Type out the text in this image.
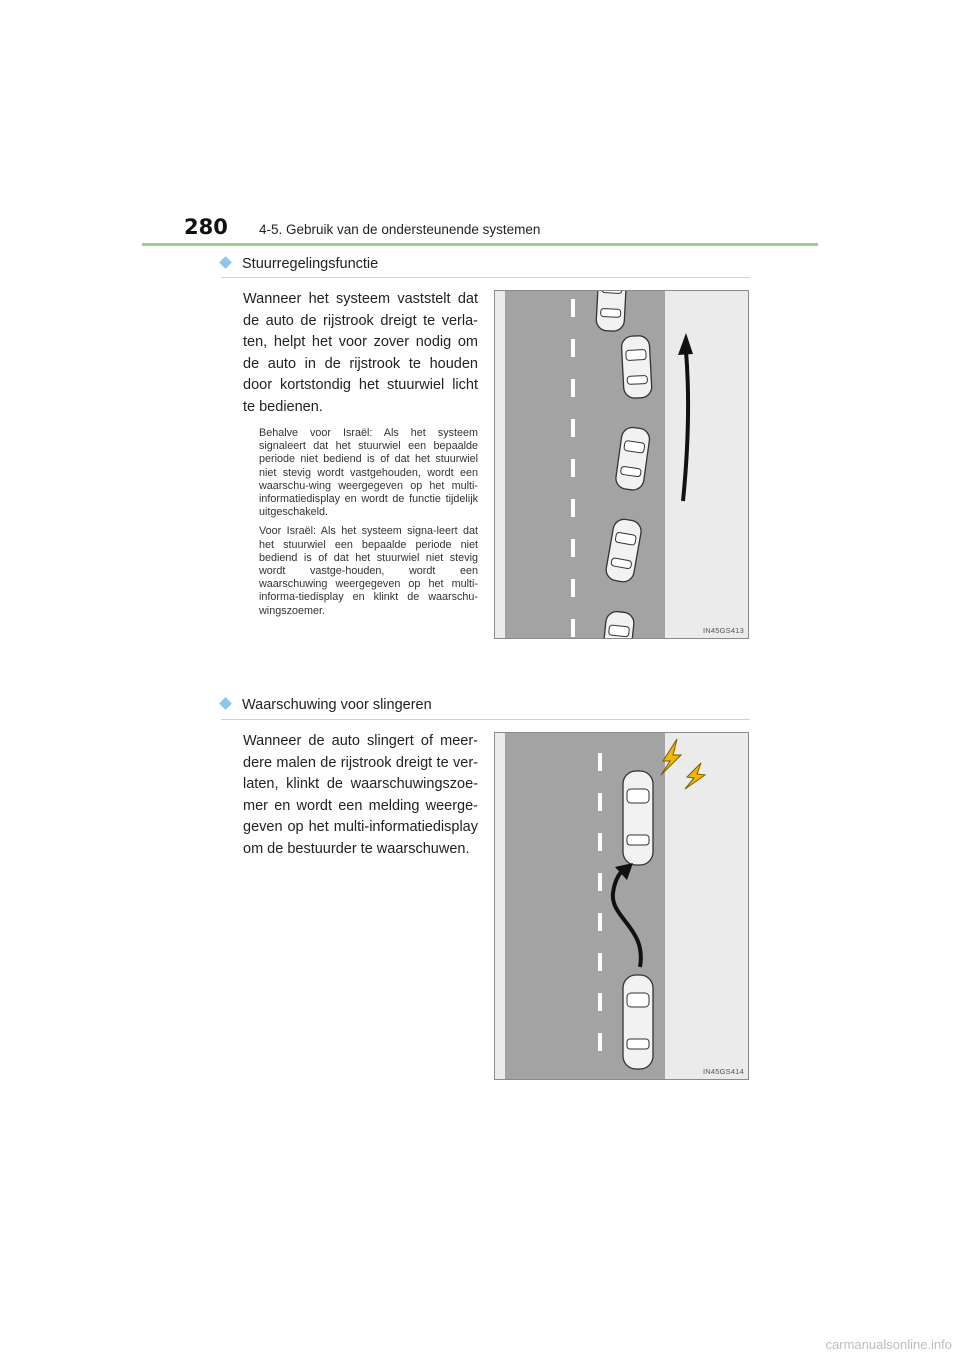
280 4-5. Gebruik van de ondersteunende systemen
Stuurregelingsfunctie
Wanneer het systeem vaststelt dat de auto de rijstrook dreigt te verla-ten, helpt het voor zover nodig om de auto in de rijstrook te houden door kortstondig het stuurwiel licht te bedienen.

Behalve voor Israël: Als het systeem signaleert dat het stuurwiel een bepaalde periode niet bediend is of dat het stuurwiel niet stevig wordt vastgehouden, wordt een waarschu-wing weergegeven op het multi-informatiedisplay en wordt de functie tijdelijk uitgeschakeld.

Voor Israël: Als het systeem signa-leert dat het stuurwiel een bepaalde periode niet bediend is of dat het stuurwiel niet stevig wordt vastge-houden, wordt een waarschuwing weergegeven op het multi-informa-tiedisplay en klinkt de waarschu-wingszoemer.

IN45GS413
Waarschuwing voor slingeren
Wanneer de auto slingert of meer-dere malen de rijstrook dreigt te ver-laten, klinkt de waarschuwingszoe-mer en wordt een melding weerge-geven op het multi-informatiedisplay om de bestuurder te waarschuwen.
IN45GS414
carmanualsonline.info
